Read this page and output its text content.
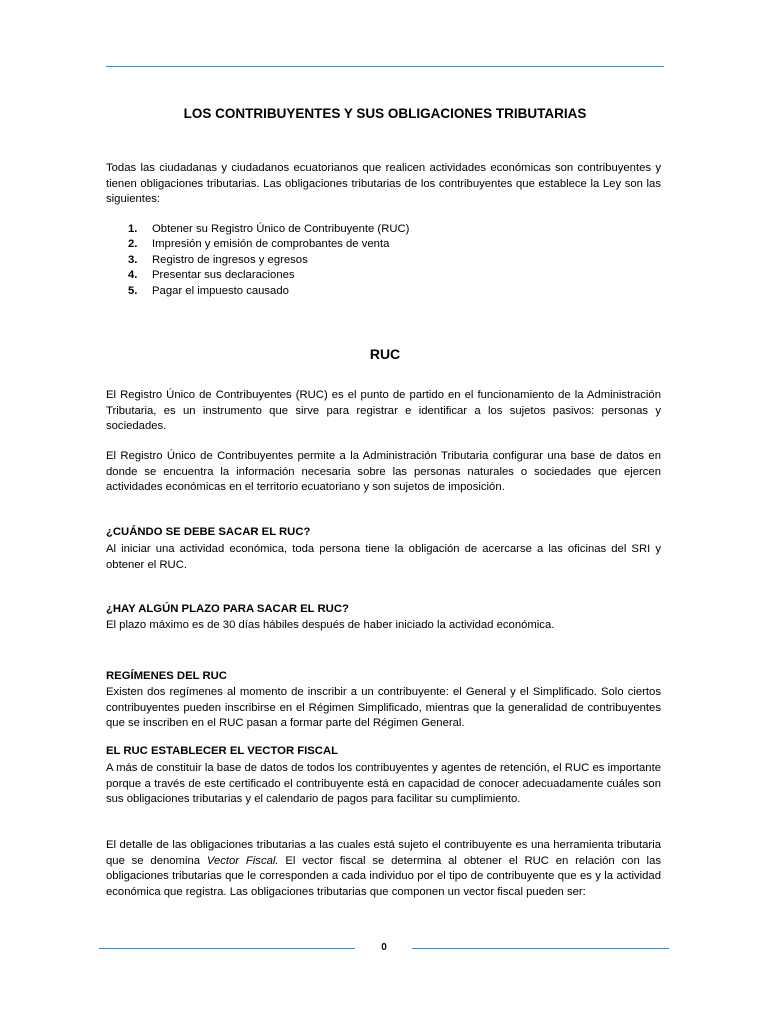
LOS CONTRIBUYENTES Y SUS OBLIGACIONES TRIBUTARIAS

Todas las ciudadanas y ciudadanos ecuatorianos que realicen actividades económicas son contribuyentes y tienen obligaciones tributarias. Las obligaciones tributarias de los contribuyentes que establece la Ley son las siguientes:

1.	Obtener su Registro Único de Contribuyente (RUC)
2.	Impresión y emisión de comprobantes de venta
3.	Registro de ingresos y egresos
4.	Presentar sus declaraciones
5.	Pagar el impuesto causado
RUC

El Registro Único de Contribuyentes (RUC) es el punto de partido en el funcionamiento de la Administración Tributaria, es un instrumento que sirve para registrar e identificar a los sujetos pasivos: personas y sociedades.

El Registro Único de Contribuyentes permite a la Administración Tributaria configurar una base de datos en donde se encuentra la información necesaria sobre las personas naturales o sociedades que ejercen actividades económicas en el territorio ecuatoriano y son sujetos de imposición.

¿CUÁNDO SE DEBE SACAR EL RUC?

Al iniciar una actividad económica, toda persona tiene la obligación de acercarse a las oficinas del SRI y obtener el RUC.

¿HAY ALGÚN PLAZO PARA SACAR EL RUC?

El plazo máximo es de 30 días hábiles después de haber iniciado la actividad económica.

REGÍMENES DEL RUC

Existen dos regímenes al momento de inscribir a un contribuyente: el General y el Simplificado. Solo ciertos contribuyentes pueden inscribirse en el Régimen Simplificado, mientras que la generalidad de contribuyentes que se inscriben en el RUC pasan a formar parte del Régimen General.

EL RUC ESTABLECER EL VECTOR FISCAL

A más de constituir la base de datos de todos los contribuyentes y agentes de retención, el RUC es importante porque a través de este certificado el contribuyente está en capacidad de conocer adecuadamente cuáles son sus obligaciones tributarias y el calendario de pagos para facilitar su cumplimiento.

El detalle de las obligaciones tributarias a las cuales está sujeto el contribuyente es una herramienta tributaria que se denomina Vector Fiscal. El vector fiscal se determina al obtener el RUC en relación con las obligaciones tributarias que le corresponden a cada individuo por el tipo de contribuyente que es y la actividad económica que registra. Las obligaciones tributarias que componen un vector fiscal pueden ser:

0
